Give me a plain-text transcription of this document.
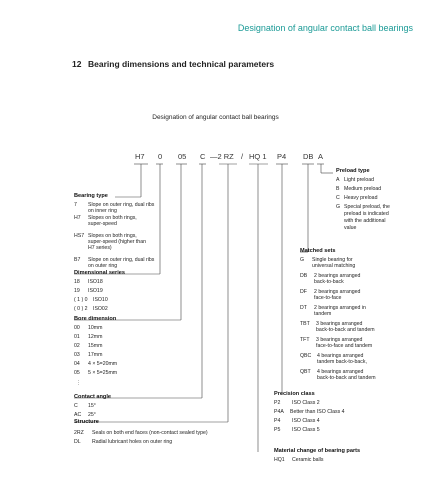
Designation of angular contact ball bearings
12 Bearing dimensions and technical parameters
Designation of angular contact ball bearings
H7 0 05 C —2 RZ / HQ 1 P4 DB A
Bearing type
7 Slope on outer ring, dual ribs
on inner ring
H7 Slopes on both rings,
super-speed
HS7 Slopes on both rings,
super-speed (higher than
H7 series)
B7 Slope on outer ring, dual ribs
on outer ring
Dimensional series
18 ISO18
19 ISO19
( 1 ) 0 ISO10
( 0 ) 2 ISO02
Bore dimension
00 10mm
01 12mm
02 15mm
03 17mm
04 4 × 5=20mm
05 5 × 5=25mm
⋮
Contact angle
C 15°
AC 25°
Structure
2RZ Seals on both end faces (non-contact sealed type)
DL Radial lubricant holes on outer ring
Preload type
A Light preload
B Medium preload
C Heavy preload
G Special preload, the
preload is indicated
with the additional
value
Matched sets
G Single bearing for
universal matching
DB 2 bearings arranged
back-to-back
DF 2 bearings arranged
face-to-face
DT 2 bearings arranged in
tandem
TBT 3 bearings arranged
back-to-back and tandem
TFT 3 bearings arranged
face-to-face and tandem
QBC 4 bearings arranged
tandem back-to-back,
QBT 4 bearings arranged
back-to-back and tandem
Precision class
P2 ISO Class 2
P4A Better than ISO Class 4
P4 ISO Class 4
P5 ISO Class 5
Material change of bearing parts
HQ1 Ceramic balls
